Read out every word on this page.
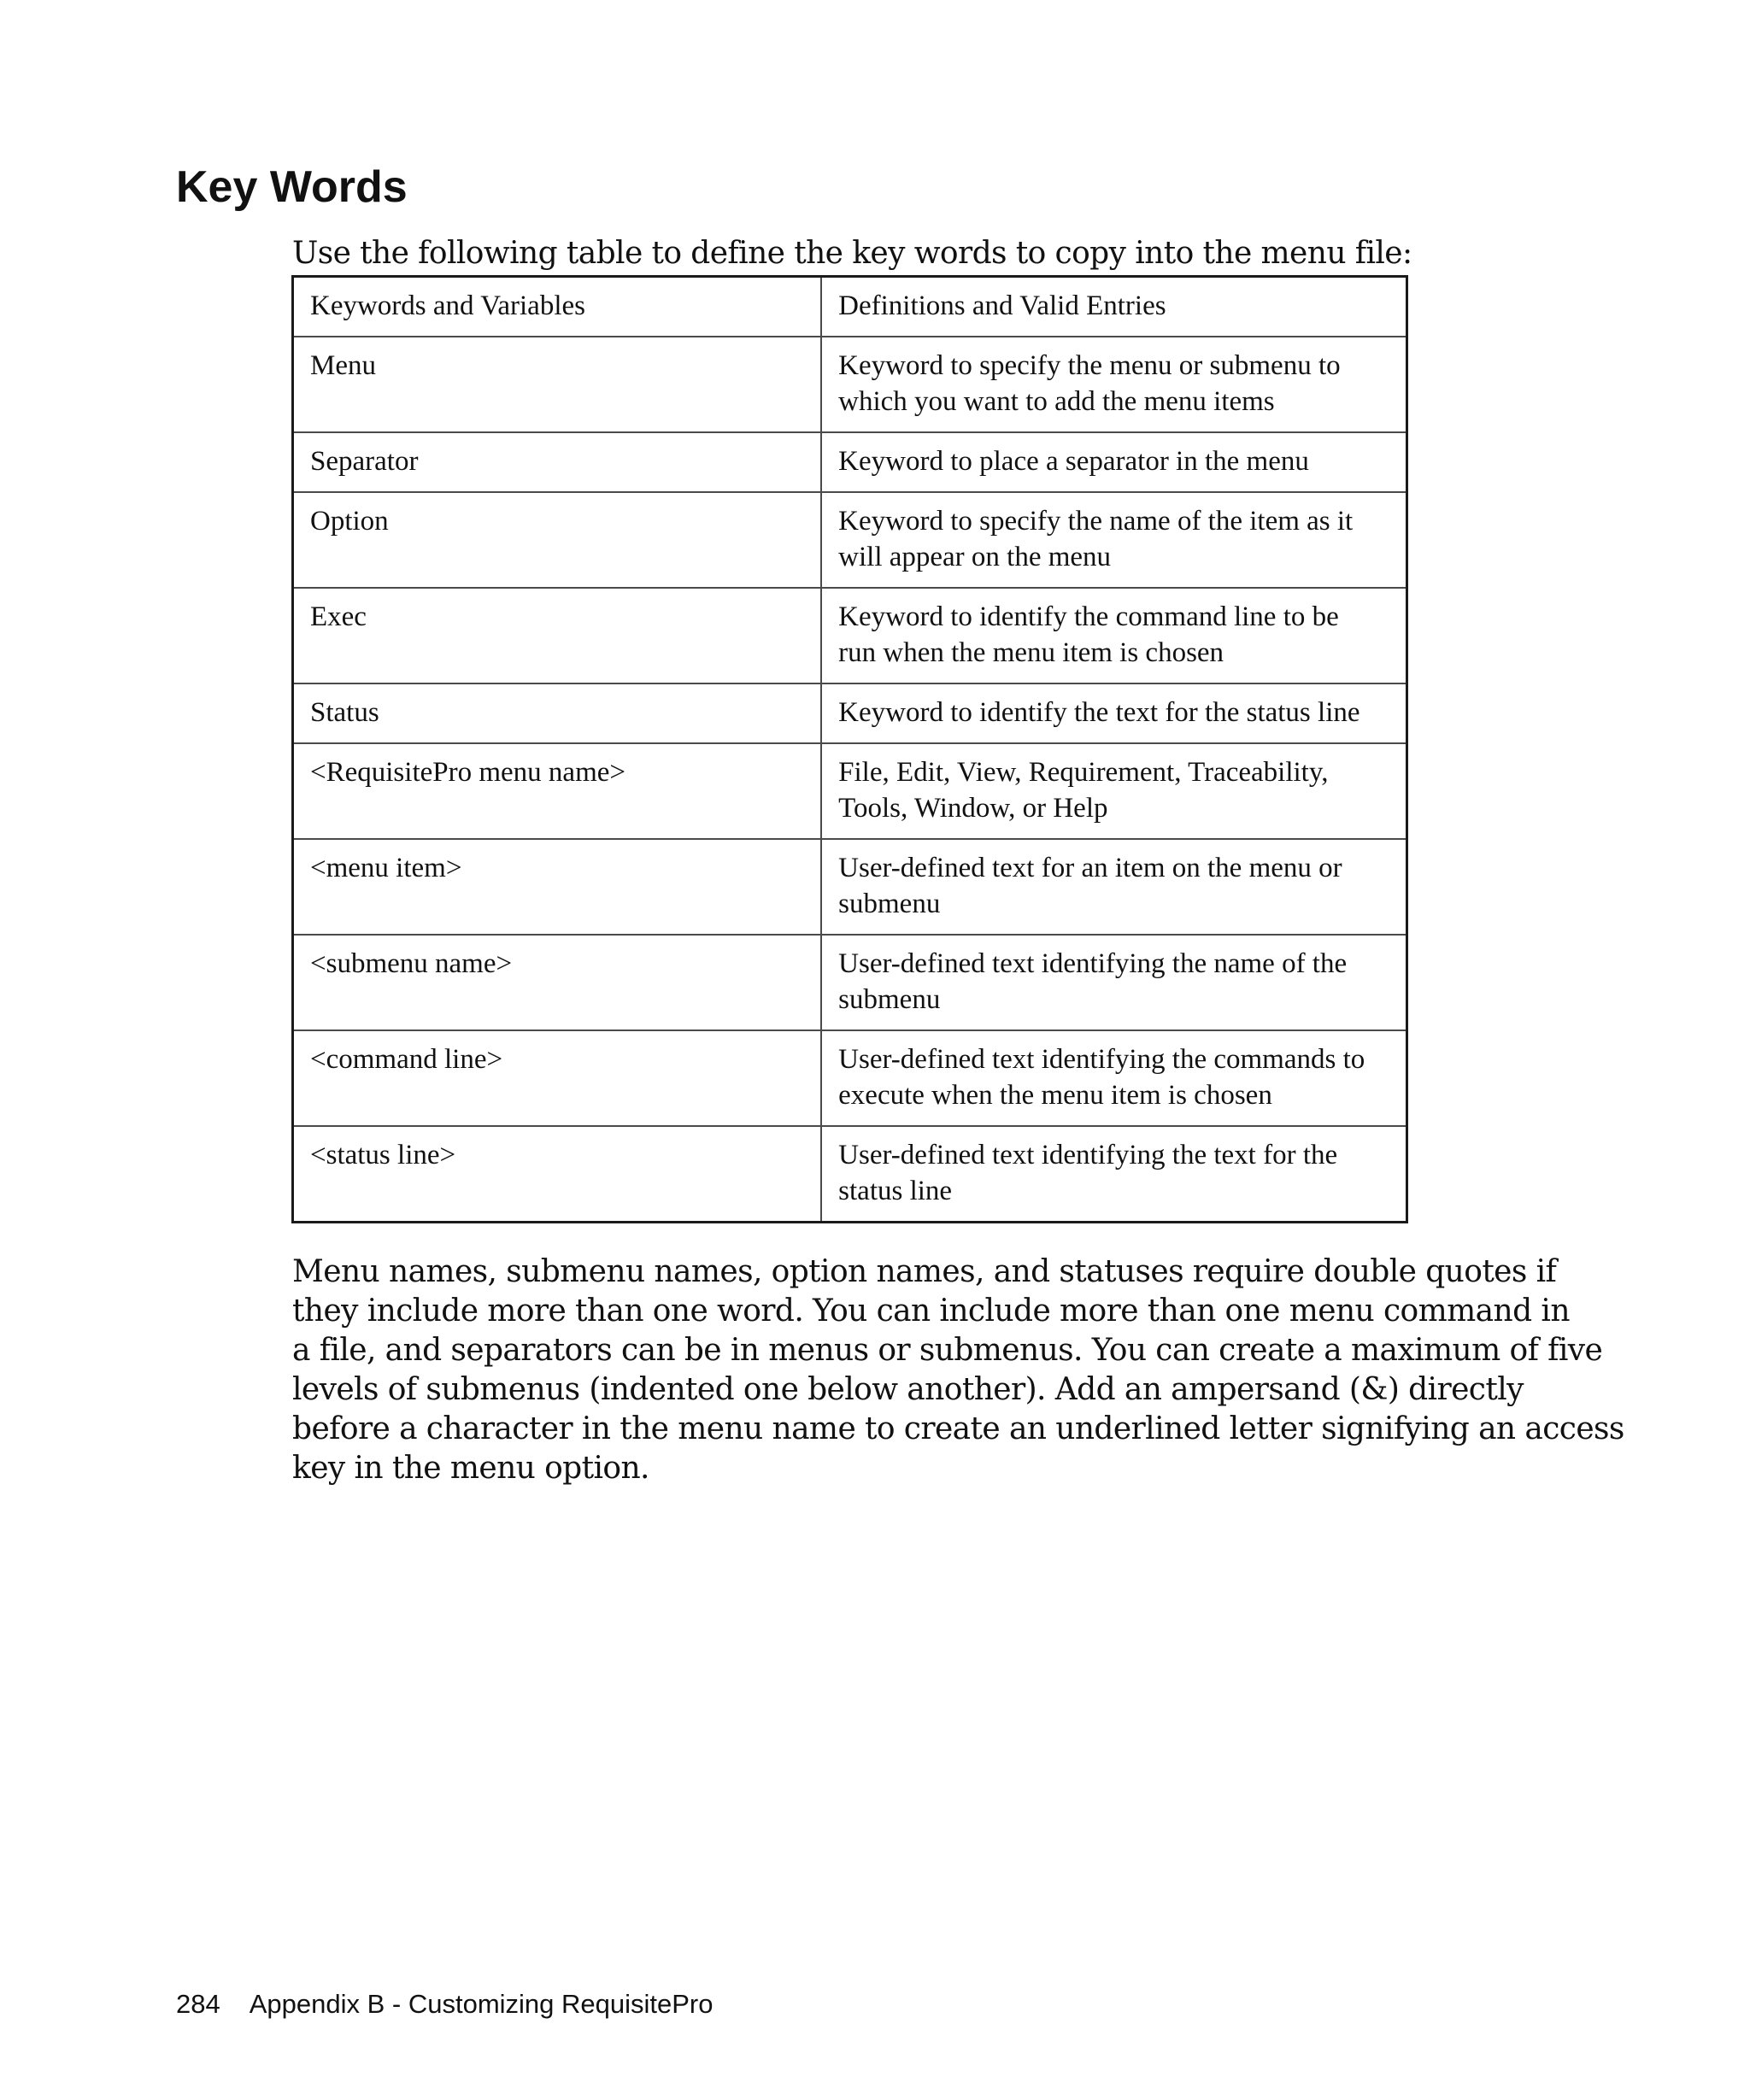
Key Words

Use the following table to define the key words to copy into the menu file:

Keywords and Variables	Definitions and Valid Entries
Menu	Keyword to specify the menu or submenu to
which you want to add the menu items

Separator	Keyword to place a separator in the menu

Option	Keyword to specify the name of the item as it
will appear on the menu

Exec	Keyword to identify the command line to be
run when the menu item is chosen

Status	Keyword to identify the text for the status line

<RequisitePro menu name>	File, Edit, View, Requirement, Traceability,
Tools, Window, or Help

<menu item>	User-defined text for an item on the menu or
submenu

<submenu name>	User-defined text identifying the name of the
submenu

<command line>	User-defined text identifying the commands to
execute when the menu item is chosen

<status line>	User-defined text identifying the text for the
status line

Menu names, submenu names, option names, and statuses require double quotes if
they include more than one word. You can include more than one menu command in
a file, and separators can be in menus or submenus. You can create a maximum of five
levels of submenus (indented one below another). Add an ampersand (&) directly
before a character in the menu name to create an underlined letter signifying an access
key in the menu option.

284 Appendix B - Customizing RequisitePro
